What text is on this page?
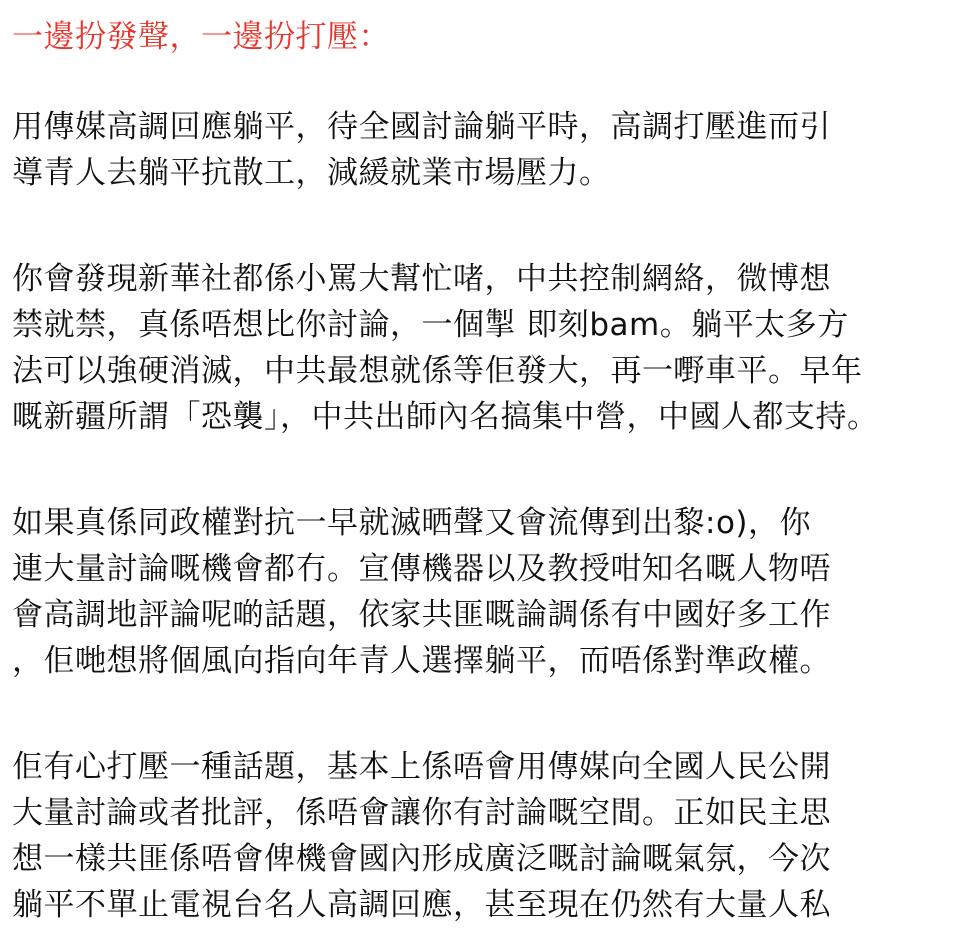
一邊扮發聲，一邊扮打壓：
用傳媒高調回應躺平，待全國討論躺平時，高調打壓進而引
導青人去躺平抗散工，減緩就業市場壓力。
你會發現新華社都係小罵大幫忙啫，中共控制網絡，微博想
禁就禁，真係唔想比你討論，一個掣 即刻bam。躺平太多方
法可以強硬消滅，中共最想就係等佢發大，再一嘢車平。早年
嘅新疆所謂「恐襲」，中共出師內名搞集中營，中國人都支持。
如果真係同政權對抗一早就滅晒聲又會流傳到出黎:o)，你
連大量討論嘅機會都冇。宣傳機器以及教授咁知名嘅人物唔
會高調地評論呢啲話題，依家共匪嘅論調係有中國好多工作
，佢哋想將個風向指向年青人選擇躺平，而唔係對準政權。
佢有心打壓一種話題，基本上係唔會用傳媒向全國人民公開
大量討論或者批評，係唔會讓你有討論嘅空間。正如民主思
想一樣共匪係唔會俾機會國內形成廣泛嘅討論嘅氣氛，今次
躺平不單止電視台名人高調回應，甚至現在仍然有大量人私
